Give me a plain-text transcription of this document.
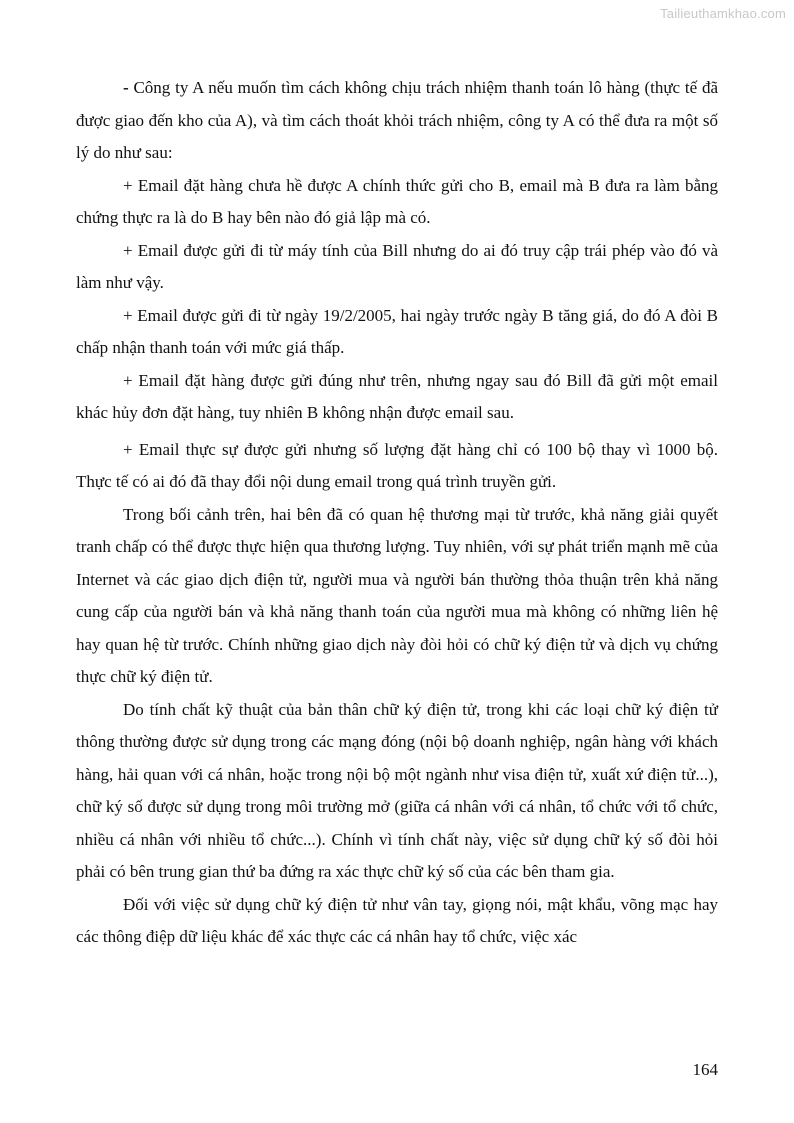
Tailieuthamkhao.com

- Công ty A nếu muốn tìm cách không chịu trách nhiệm thanh toán lô hàng (thực tế đã được giao đến kho của A), và tìm cách thoát khỏi trách nhiệm, công ty A có thể đưa ra một số lý do như sau:

+ Email đặt hàng chưa hề được A chính thức gửi cho B, email mà B đưa ra làm bằng chứng thực ra là do B hay bên nào đó giả lập mà có.

+ Email được gửi đi từ máy tính của Bill nhưng do ai đó truy cập trái phép vào đó và làm như vậy.

+ Email được gửi đi từ ngày 19/2/2005, hai ngày trước ngày B tăng giá, do đó A đòi B chấp nhận thanh toán với mức giá thấp.

+ Email đặt hàng được gửi đúng như trên, nhưng ngay sau đó Bill đã gửi một email khác hủy đơn đặt hàng, tuy nhiên B không nhận được email sau.

+ Email thực sự được gửi nhưng số lượng đặt hàng chỉ có 100 bộ thay vì 1000 bộ. Thực tế có ai đó đã thay đổi nội dung email trong quá trình truyền gửi.

Trong bối cảnh trên, hai bên đã có quan hệ thương mại từ trước, khả năng giải quyết tranh chấp có thể được thực hiện qua thương lượng. Tuy nhiên, với sự phát triển mạnh mẽ của Internet và các giao dịch điện tử, người mua và người bán thường thỏa thuận trên khả năng cung cấp của người bán và khả năng thanh toán của người mua mà không có những liên hệ hay quan hệ từ trước. Chính những giao dịch này đòi hỏi có chữ ký điện tử và dịch vụ chứng thực chữ ký điện tử.

Do tính chất kỹ thuật của bản thân chữ ký điện tử, trong khi các loại chữ ký điện tử thông thường được sử dụng trong các mạng đóng (nội bộ doanh nghiệp, ngân hàng với khách hàng, hải quan với cá nhân, hoặc trong nội bộ một ngành như visa điện tử, xuất xứ điện tử...), chữ ký số được sử dụng trong môi trường mở (giữa cá nhân với cá nhân, tổ chức với tổ chức, nhiều cá nhân với nhiều tổ chức...). Chính vì tính chất này, việc sử dụng chữ ký số đòi hỏi phải có bên trung gian thứ ba đứng ra xác thực chữ ký số của các bên tham gia.

Đối với việc sử dụng chữ ký điện tử như vân tay, giọng nói, mật khẩu, võng mạc hay các thông điệp dữ liệu khác để xác thực các cá nhân hay tổ chức, việc xác

164
